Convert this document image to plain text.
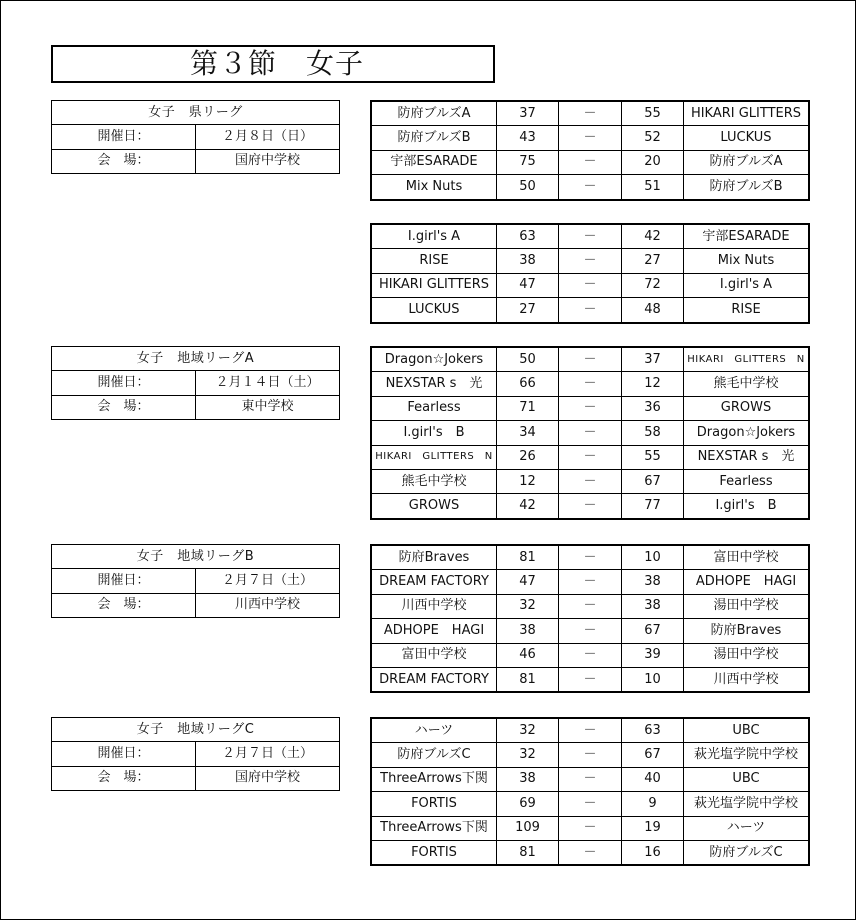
第３節　女子
女子　県リーグ	
開催日：	２月８日（日）
会　場：	国府中学校
防府ブルズA	37	－	55	HIKARI GLITTERS
防府ブルズB	43	－	52	LUCKUS
宇部ESARADE	75	－	20	防府ブルズA
Mix Nuts	50	－	51	防府ブルズB
I.girl's A	63	－	42	宇部ESARADE
RISE	38	－	27	Mix Nuts
HIKARI GLITTERS	47	－	72	I.girl's A
LUCKUS	27	－	48	RISE
女子　地域リーグA	
開催日：	２月１４日（土）
会　場：	東中学校
Dragon☆Jokers	50	－	37	HIKARI　GLITTERS　N
NEXSTAR s　光	66	－	12	熊毛中学校
Fearless	71	－	36	GROWS
I.girl's　B	34	－	58	Dragon☆Jokers
HIKARI　GLITTERS　N	26	－	55	NEXSTAR s　光
熊毛中学校	12	－	67	Fearless
GROWS	42	－	77	I.girl's　B
女子　地域リーグB	
開催日：	２月７日（土）
会　場：	川西中学校
防府Braves	81	－	10	富田中学校
DREAM FACTORY	47	－	38	ADHOPE　HAGI
川西中学校	32	－	38	湯田中学校
ADHOPE　HAGI	38	－	67	防府Braves
富田中学校	46	－	39	湯田中学校
DREAM FACTORY	81	－	10	川西中学校
女子　地域リーグC	
開催日：	２月７日（土）
会　場：	国府中学校
ハーツ	32	－	63	UBC
防府ブルズC	32	－	67	萩光塩学院中学校
ThreeArrows下関	38	－	40	UBC
FORTIS	69	－	9	萩光塩学院中学校
ThreeArrows下関	109	－	19	ハーツ
FORTIS	81	－	16	防府ブルズC
